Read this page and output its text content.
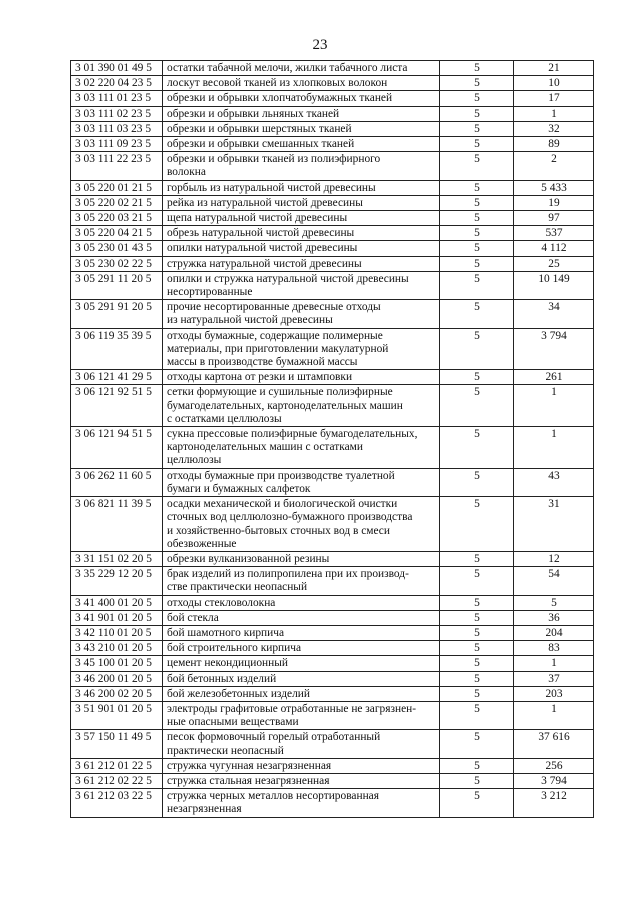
23
3 01 390 01 49 5	остатки табачной мелочи, жилки табачного листа	5	21
3 02 220 04 23 5	лоскут весовой тканей из хлопковых волокон	5	10
3 03 111 01 23 5	обрезки и обрывки хлопчатобумажных тканей	5	17
3 03 111 02 23 5	обрезки и обрывки льняных тканей	5	1
3 03 111 03 23 5	обрезки и обрывки шерстяных тканей	5	32
3 03 111 09 23 5	обрезки и обрывки смешанных тканей	5	89
3 03 111 22 23 5	обрезки и обрывки тканей из полиэфирного
волокна	5	2
3 05 220 01 21 5	горбыль из натуральной чистой древесины	5	5 433
3 05 220 02 21 5	рейка из натуральной чистой древесины	5	19
3 05 220 03 21 5	щепа натуральной чистой древесины	5	97
3 05 220 04 21 5	обрезь натуральной чистой древесины	5	537
3 05 230 01 43 5	опилки натуральной чистой древесины	5	4 112
3 05 230 02 22 5	стружка натуральной чистой древесины	5	25
3 05 291 11 20 5	опилки и стружка натуральной чистой древесины
несортированные	5	10 149
3 05 291 91 20 5	прочие несортированные древесные отходы
из натуральной чистой древесины	5	34
3 06 119 35 39 5	отходы бумажные, содержащие полимерные
материалы, при приготовлении макулатурной
массы в производстве бумажной массы	5	3 794
3 06 121 41 29 5	отходы картона от резки и штамповки	5	261
3 06 121 92 51 5	сетки формующие и сушильные полиэфирные
бумагоделательных, картоноделательных машин
с остатками целлюлозы	5	1
3 06 121 94 51 5	сукна прессовые полиэфирные бумагоделательных,
картоноделательных машин с остатками
целлюлозы	5	1
3 06 262 11 60 5	отходы бумажные при производстве туалетной
бумаги и бумажных салфеток	5	43
3 06 821 11 39 5	осадки механической и биологической очистки
сточных вод целлюлозно-бумажного производства
и хозяйственно-бытовых сточных вод в смеси
обезвоженные	5	31
3 31 151 02 20 5	обрезки вулканизованной резины	5	12
3 35 229 12 20 5	брак изделий из полипропилена при их производ-
стве практически неопасный	5	54
3 41 400 01 20 5	отходы стекловолокна	5	5
3 41 901 01 20 5	бой стекла	5	36
3 42 110 01 20 5	бой шамотного кирпича	5	204
3 43 210 01 20 5	бой строительного кирпича	5	83
3 45 100 01 20 5	цемент некондиционный	5	1
3 46 200 01 20 5	бой бетонных изделий	5	37
3 46 200 02 20 5	бой железобетонных изделий	5	203
3 51 901 01 20 5	электроды графитовые отработанные не загрязнен-
ные опасными веществами	5	1
3 57 150 11 49 5	песок формовочный горелый отработанный
практически неопасный	5	37 616
3 61 212 01 22 5	стружка чугунная незагрязненная	5	256
3 61 212 02 22 5	стружка стальная незагрязненная	5	3 794
3 61 212 03 22 5	стружка черных металлов несортированная
незагрязненная	5	3 212
